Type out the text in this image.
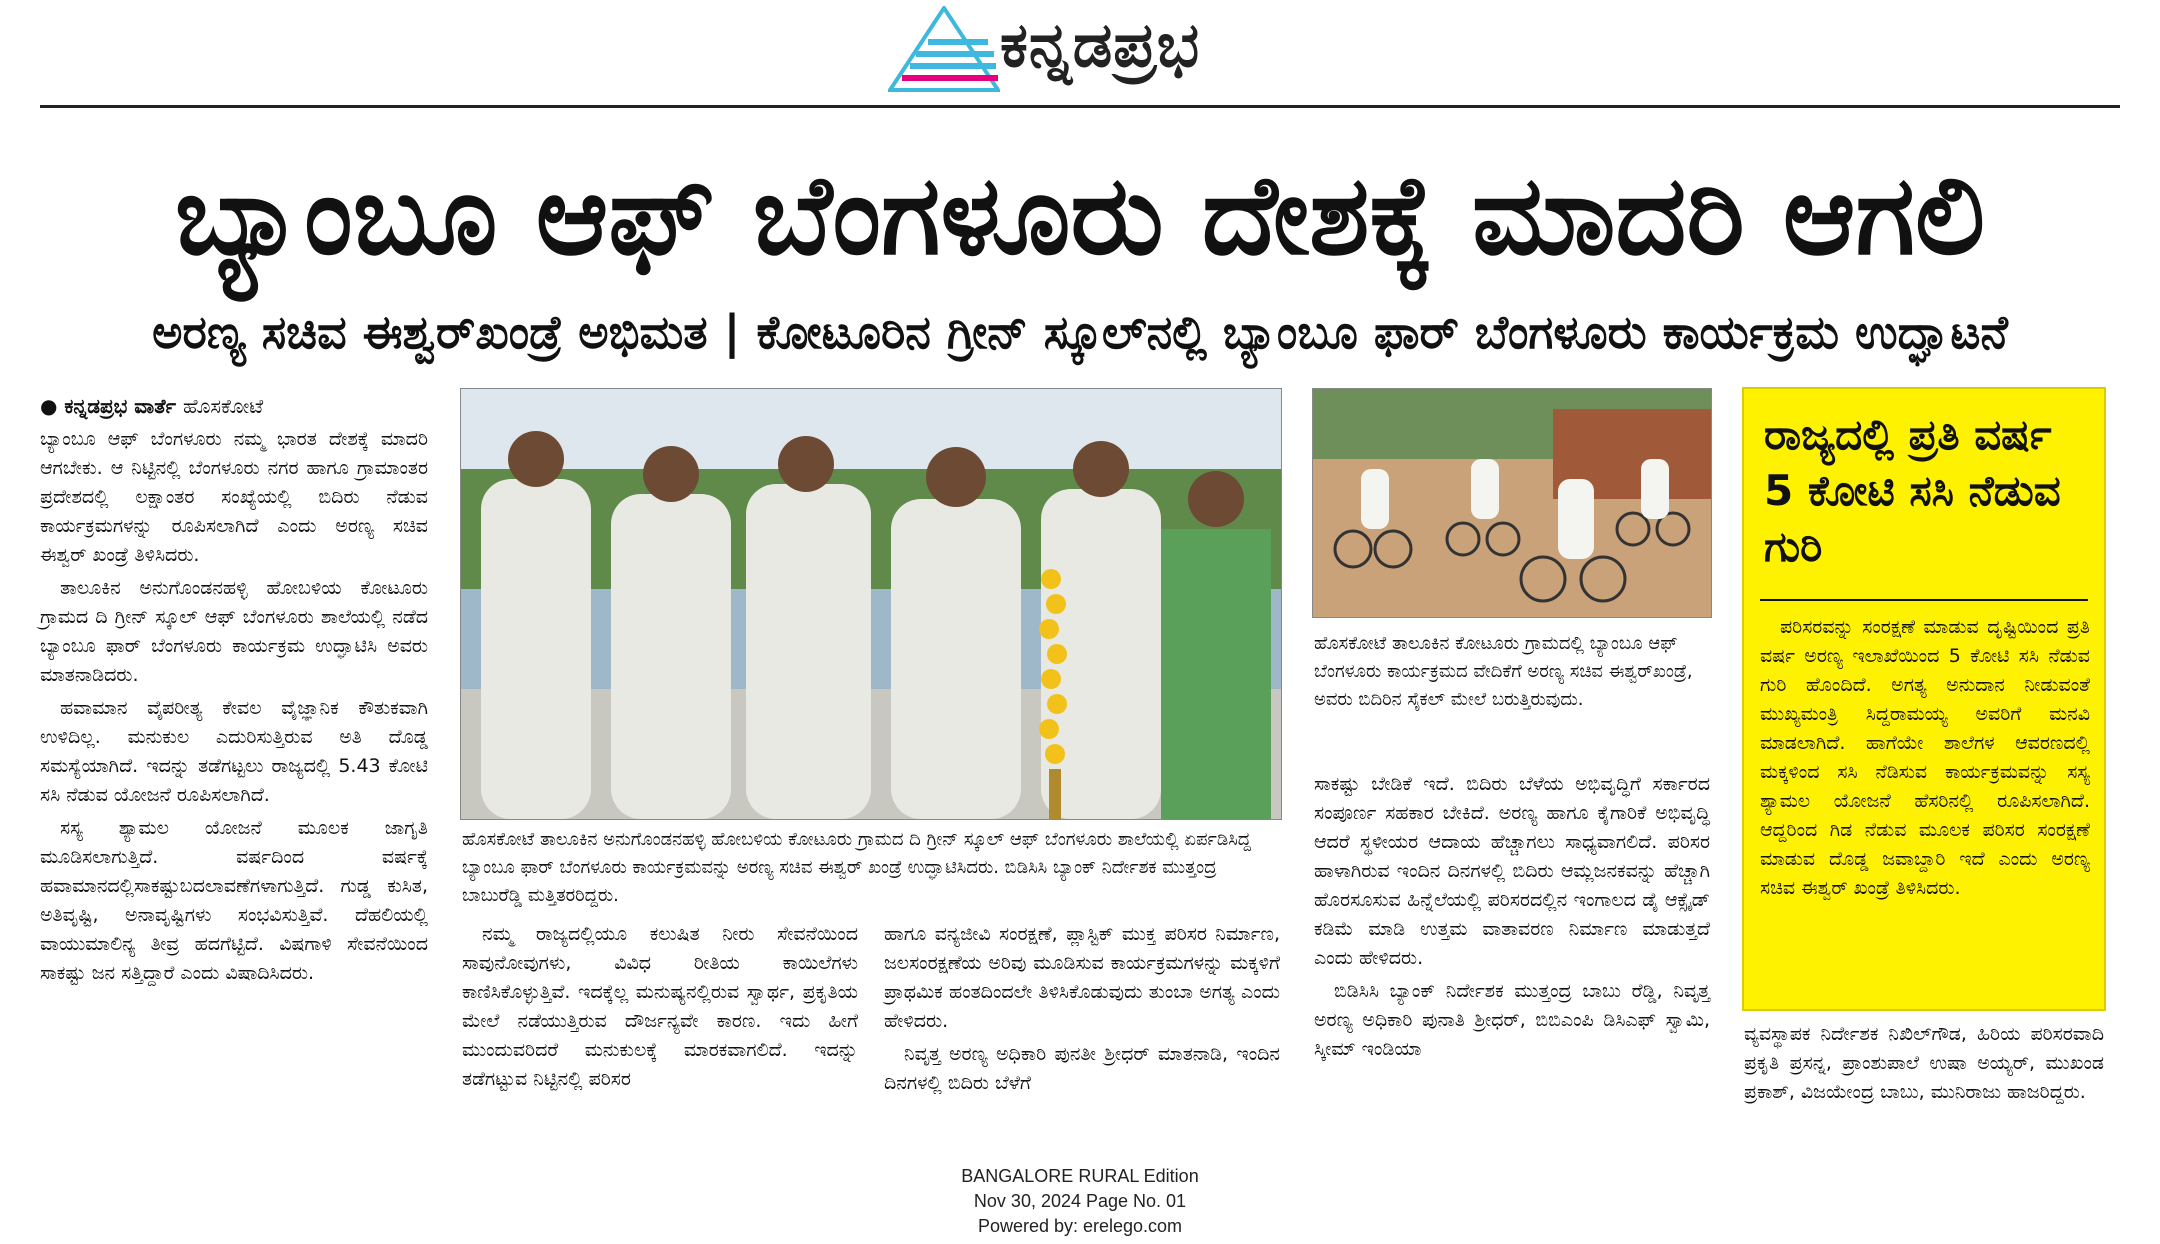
ಕನ್ನಡಪ್ರಭ
ಬ್ಯಾಂಬೂ ಆಫ್ ಬೆಂಗಳೂರು ದೇಶಕ್ಕೆ ಮಾದರಿ ಆಗಲಿ
ಅರಣ್ಯ ಸಚಿವ ಈಶ್ವರ್‌ಖಂಡ್ರೆ ಅಭಿಮತ | ಕೋಟೂರಿನ ಗ್ರೀನ್ ಸ್ಕೂಲ್‌ನಲ್ಲಿ ಬ್ಯಾಂಬೂ ಫಾರ್ ಬೆಂಗಳೂರು ಕಾರ್ಯಕ್ರಮ ಉದ್ಘಾಟನೆ
● ಕನ್ನಡಪ್ರಭ ವಾರ್ತೆ ಹೊಸಕೋಟೆ

ಬ್ಯಾಂಬೂ ಆಫ್ ಬೆಂಗಳೂರು ನಮ್ಮ ಭಾರತ ದೇಶಕ್ಕೆ ಮಾದರಿ ಆಗಬೇಕು. ಆ ನಿಟ್ಟಿನಲ್ಲಿ ಬೆಂಗಳೂರು ನಗರ ಹಾಗೂ ಗ್ರಾಮಾಂತರ ಪ್ರದೇಶದಲ್ಲಿ ಲಕ್ಷಾಂತರ ಸಂಖ್ಯೆಯಲ್ಲಿ ಬಿದಿರು ನೆಡುವ ಕಾರ್ಯಕ್ರಮಗಳನ್ನು ರೂಪಿಸಲಾಗಿದೆ ಎಂದು ಅರಣ್ಯ ಸಚಿವ ಈಶ್ವರ್ ಖಂಡ್ರೆ ತಿಳಿಸಿದರು.

ತಾಲೂಕಿನ ಅನುಗೊಂಡನಹಳ್ಳಿ ಹೋಬಳಿಯ ಕೋಟೂರು ಗ್ರಾಮದ ದಿ ಗ್ರೀನ್ ಸ್ಕೂಲ್ ಆಫ್ ಬೆಂಗಳೂರು ಶಾಲೆಯಲ್ಲಿ ನಡೆದ ಬ್ಯಾಂಬೂ ಫಾರ್ ಬೆಂಗಳೂರು ಕಾರ್ಯಕ್ರಮ ಉದ್ಘಾಟಿಸಿ ಅವರು ಮಾತನಾಡಿದರು.

ಹವಾಮಾನ ವೈಪರೀತ್ಯ ಕೇವಲ ವೈಜ್ಞಾನಿಕ ಕೌತುಕವಾಗಿ ಉಳಿದಿಲ್ಲ. ಮನುಕುಲ ಎದುರಿಸುತ್ತಿರುವ ಅತಿ ದೊಡ್ಡ ಸಮಸ್ಯೆಯಾಗಿದೆ. ಇದನ್ನು ತಡೆಗಟ್ಟಲು ರಾಜ್ಯದಲ್ಲಿ 5.43 ಕೋಟಿ ಸಸಿ ನೆಡುವ ಯೋಜನೆ ರೂಪಿಸಲಾಗಿದೆ.

ಸಸ್ಯ ಶ್ಯಾಮಲ ಯೋಜನೆ ಮೂಲಕ ಜಾಗೃತಿ ಮೂಡಿಸಲಾಗುತ್ತಿದೆ. ವರ್ಷದಿಂದ ವರ್ಷಕ್ಕೆ ಹವಾಮಾನದಲ್ಲಿಸಾಕಷ್ಟುಬದಲಾವಣೆಗಳಾಗುತ್ತಿದೆ. ಗುಡ್ಡ ಕುಸಿತ, ಅತಿವೃಷ್ಟಿ, ಅನಾವೃಷ್ಟಿಗಳು ಸಂಭವಿಸುತ್ತಿವೆ. ದೆಹಲಿಯಲ್ಲಿ ವಾಯುಮಾಲಿನ್ಯ ತೀವ್ರ ಹದಗೆಟ್ಟಿದೆ. ವಿಷಗಾಳಿ ಸೇವನೆಯಿಂದ ಸಾಕಷ್ಟು ಜನ ಸತ್ತಿದ್ದಾರೆ ಎಂದು ವಿಷಾದಿಸಿದರು.

ಹೊಸಕೋಟೆ ತಾಲೂಕಿನ ಅನುಗೊಂಡನಹಳ್ಳಿ ಹೋಬಳಿಯ ಕೋಟೂರು ಗ್ರಾಮದ ದಿ ಗ್ರೀನ್ ಸ್ಕೂಲ್ ಆಫ್ ಬೆಂಗಳೂರು ಶಾಲೆಯಲ್ಲಿ ಏರ್ಪಡಿಸಿದ್ದ ಬ್ಯಾಂಬೂ ಫಾರ್ ಬೆಂಗಳೂರು ಕಾರ್ಯಕ್ರಮವನ್ನು ಅರಣ್ಯ ಸಚಿವ ಈಶ್ವರ್ ಖಂಡ್ರೆ ಉದ್ಘಾಟಿಸಿದರು. ಬಿಡಿಸಿಸಿ ಬ್ಯಾಂಕ್ ನಿರ್ದೇಶಕ ಮುತ್ತಂದ್ರ ಬಾಬುರೆಡ್ಡಿ ಮತ್ತಿತರರಿದ್ದರು.

ನಮ್ಮ ರಾಜ್ಯದಲ್ಲಿಯೂ ಕಲುಷಿತ ನೀರು ಸೇವನೆಯಿಂದ ಸಾವುನೋವುಗಳು, ವಿವಿಧ ರೀತಿಯ ಕಾಯಿಲೆಗಳು ಕಾಣಿಸಿಕೊಳ್ಳುತ್ತಿವೆ. ಇದಕ್ಕೆಲ್ಲ ಮನುಷ್ಯನಲ್ಲಿರುವ ಸ್ವಾರ್ಥ, ಪ್ರಕೃತಿಯ ಮೇಲೆ ನಡೆಯುತ್ತಿರುವ ದೌರ್ಜನ್ಯವೇ ಕಾರಣ. ಇದು ಹೀಗೆ ಮುಂದುವರಿದರೆ ಮನುಕುಲಕ್ಕೆ ಮಾರಕವಾಗಲಿದೆ. ಇದನ್ನು ತಡೆಗಟ್ಟುವ ನಿಟ್ಟಿನಲ್ಲಿ ಪರಿಸರ

ಹಾಗೂ ವನ್ಯಜೀವಿ ಸಂರಕ್ಷಣೆ, ಪ್ಲಾಸ್ಟಿಕ್ ಮುಕ್ತ ಪರಿಸರ ನಿರ್ಮಾಣ, ಜಲಸಂರಕ್ಷಣೆಯ ಅರಿವು ಮೂಡಿಸುವ ಕಾರ್ಯಕ್ರಮಗಳನ್ನು ಮಕ್ಕಳಿಗೆ ಪ್ರಾಥಮಿಕ ಹಂತದಿಂದಲೇ ತಿಳಿಸಿಕೊಡುವುದು ತುಂಬಾ ಅಗತ್ಯ ಎಂದು ಹೇಳಿದರು.

ನಿವೃತ್ತ ಅರಣ್ಯ ಅಧಿಕಾರಿ ಪುನತೀ ಶ್ರೀಧರ್ ಮಾತನಾಡಿ, ಇಂದಿನ ದಿನಗಳಲ್ಲಿ ಬಿದಿರು ಬೆಳೆಗೆ

ಹೊಸಕೋಟೆ ತಾಲೂಕಿನ ಕೋಟೂರು ಗ್ರಾಮದಲ್ಲಿ ಬ್ಯಾಂಬೂ ಆಫ್ ಬೆಂಗಳೂರು ಕಾರ್ಯಕ್ರಮದ ವೇದಿಕೆಗೆ ಅರಣ್ಯ ಸಚಿವ ಈಶ್ವರ್‌ಖಂಡ್ರೆ, ಅವರು ಬಿದಿರಿನ ಸೈಕಲ್ ಮೇಲೆ ಬರುತ್ತಿರುವುದು.

ಸಾಕಷ್ಟು ಬೇಡಿಕೆ ಇದೆ. ಬಿದಿರು ಬೆಳೆಯ ಅಭಿವೃದ್ಧಿಗೆ ಸರ್ಕಾರದ ಸಂಪೂರ್ಣ ಸಹಕಾರ ಬೇಕಿದೆ. ಅರಣ್ಯ ಹಾಗೂ ಕೈಗಾರಿಕೆ ಅಭಿವೃದ್ಧಿ ಆದರೆ ಸ್ಥಳೀಯರ ಆದಾಯ ಹೆಚ್ಚಾಗಲು ಸಾಧ್ಯವಾಗಲಿದೆ. ಪರಿಸರ ಹಾಳಾಗಿರುವ ಇಂದಿನ ದಿನಗಳಲ್ಲಿ ಬಿದಿರು ಆಮ್ಲಜನಕವನ್ನು ಹೆಚ್ಚಾಗಿ ಹೊರಸೂಸುವ ಹಿನ್ನೆಲೆಯಲ್ಲಿ ಪರಿಸರದಲ್ಲಿನ ಇಂಗಾಲದ ಡೈ ಆಕ್ಸೈಡ್ ಕಡಿಮೆ ಮಾಡಿ ಉತ್ತಮ ವಾತಾವರಣ ನಿರ್ಮಾಣ ಮಾಡುತ್ತದೆ ಎಂದು ಹೇಳಿದರು.

ಬಿಡಿಸಿಸಿ ಬ್ಯಾಂಕ್ ನಿರ್ದೇಶಕ ಮುತ್ತಂದ್ರ ಬಾಬು ರೆಡ್ಡಿ, ನಿವೃತ್ತ ಅರಣ್ಯ ಅಧಿಕಾರಿ ಪುನಾತಿ ಶ್ರೀಧರ್, ಬಿಬಿಎಂಪಿ ಡಿಸಿಎಫ್ ಸ್ವಾಮಿ, ಸ್ಕೀಮ್ ಇಂಡಿಯಾ

ರಾಜ್ಯದಲ್ಲಿ ಪ್ರತಿ ವರ್ಷ 5 ಕೋಟಿ ಸಸಿ ನೆಡುವ ಗುರಿ

ಪರಿಸರವನ್ನು ಸಂರಕ್ಷಣೆ ಮಾಡುವ ದೃಷ್ಟಿಯಿಂದ ಪ್ರತಿ ವರ್ಷ ಅರಣ್ಯ ಇಲಾಖೆಯಿಂದ 5 ಕೋಟಿ ಸಸಿ ನೆಡುವ ಗುರಿ ಹೊಂದಿದೆ. ಅಗತ್ಯ ಅನುದಾನ ನೀಡುವಂತೆ ಮುಖ್ಯಮಂತ್ರಿ ಸಿದ್ದರಾಮಯ್ಯ ಅವರಿಗೆ ಮನವಿ ಮಾಡಲಾಗಿದೆ. ಹಾಗೆಯೇ ಶಾಲೆಗಳ ಆವರಣದಲ್ಲಿ ಮಕ್ಕಳಿಂದ ಸಸಿ ನೆಡಿಸುವ ಕಾರ್ಯಕ್ರಮವನ್ನು ಸಸ್ಯ ಶ್ಯಾಮಲ ಯೋಜನೆ ಹೆಸರಿನಲ್ಲಿ ರೂಪಿಸಲಾಗಿದೆ. ಆದ್ದರಿಂದ ಗಿಡ ನೆಡುವ ಮೂಲಕ ಪರಿಸರ ಸಂರಕ್ಷಣೆ ಮಾಡುವ ದೊಡ್ಡ ಜವಾಬ್ದಾರಿ ಇದೆ ಎಂದು ಅರಣ್ಯ ಸಚಿವ ಈಶ್ವರ್ ಖಂಡ್ರೆ ತಿಳಿಸಿದರು.

ವ್ಯವಸ್ಥಾಪಕ ನಿರ್ದೇಶಕ ನಿಖಿಲ್‌ಗೌಡ, ಹಿರಿಯ ಪರಿಸರವಾದಿ ಪ್ರಕೃತಿ ಪ್ರಸನ್ನ, ಪ್ರಾಂಶುಪಾಲೆ ಉಷಾ ಅಯ್ಯರ್, ಮುಖಂಡ ಪ್ರಕಾಶ್, ವಿಜಯೇಂದ್ರ ಬಾಬು, ಮುನಿರಾಜು ಹಾಜರಿದ್ದರು.

BANGALORE RURAL Edition
Nov 30, 2024 Page No. 01
Powered by: erelego.com
